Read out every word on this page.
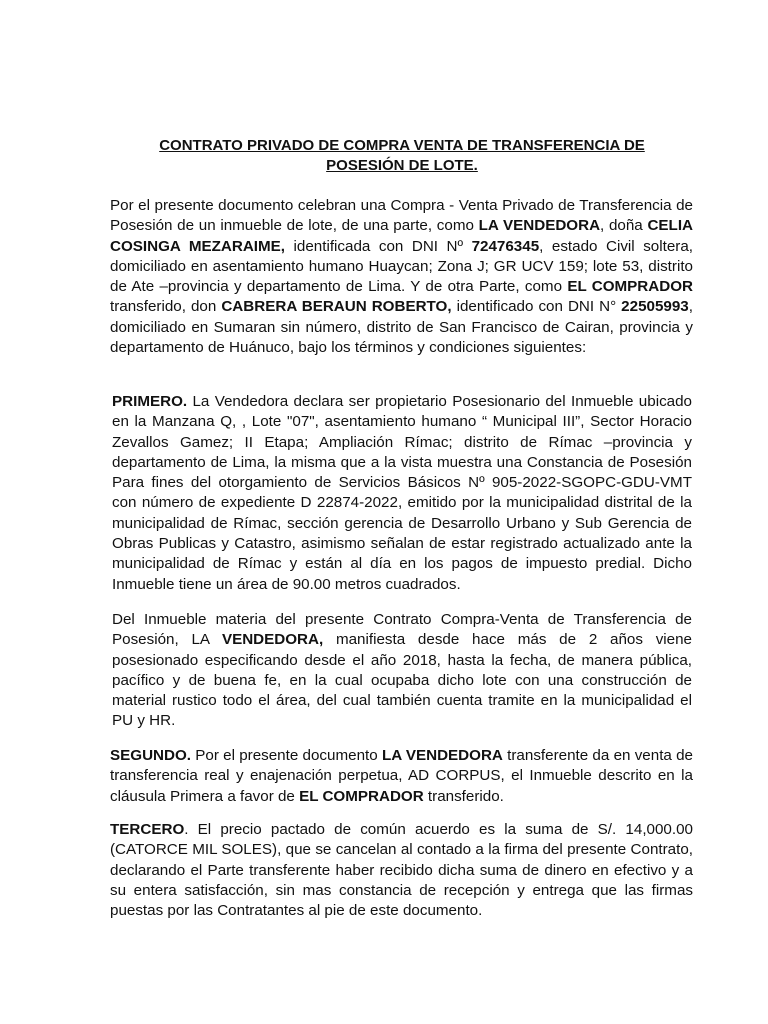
CONTRATO PRIVADO DE COMPRA VENTA DE TRANSFERENCIA DE
POSESIÓN DE LOTE.

Por el presente documento celebran una Compra - Venta Privado de Transferencia de Posesión de un inmueble de lote, de una parte, como LA VENDEDORA, doña CELIA COSINGA MEZARAIME, identificada con DNI Nº 72476345, estado Civil soltera, domiciliado en asentamiento humano Huaycan; Zona J; GR UCV 159; lote 53, distrito de Ate –provincia y departamento de Lima. Y de otra Parte, como EL COMPRADOR transferido, don CABRERA BERAUN ROBERTO, identificado con DNI N° 22505993, domiciliado en Sumaran sin número, distrito de San Francisco de Cairan, provincia y departamento de Huánuco, bajo los términos y condiciones siguientes:

PRIMERO. La Vendedora declara ser propietario Posesionario del Inmueble ubicado en la Manzana Q, , Lote "07", asentamiento humano “ Municipal III”, Sector Horacio Zevallos Gamez; II Etapa; Ampliación Rímac; distrito de Rímac –provincia y departamento de Lima, la misma que a la vista muestra una Constancia de Posesión Para fines del otorgamiento de Servicios Básicos Nº 905-2022-SGOPC-GDU-VMT con número de expediente D 22874-2022, emitido por la municipalidad distrital de la municipalidad de Rímac, sección gerencia de Desarrollo Urbano y Sub Gerencia de Obras Publicas y Catastro, asimismo señalan de estar registrado actualizado ante la municipalidad de Rímac y están al día en los pagos de impuesto predial. Dicho Inmueble tiene un área de 90.00 metros cuadrados.

Del Inmueble materia del presente Contrato Compra-Venta de Transferencia de Posesión, LA VENDEDORA, manifiesta desde hace más de 2 años viene posesionado especificando desde el año 2018, hasta la fecha, de manera pública, pacífico y de buena fe, en la cual ocupaba dicho lote con una construcción de material rustico todo el área, del cual también cuenta tramite en la municipalidad el PU y HR.

SEGUNDO. Por el presente documento LA VENDEDORA transferente da en venta de transferencia real y enajenación perpetua, AD CORPUS, el Inmueble descrito en la cláusula Primera a favor de EL COMPRADOR transferido.

TERCERO. El precio pactado de común acuerdo es la suma de S/. 14,000.00 (CATORCE MIL SOLES), que se cancelan al contado a la firma del presente Contrato, declarando el Parte transferente haber recibido dicha suma de dinero en efectivo y a su entera satisfacción, sin mas constancia de recepción y entrega que las firmas puestas por las Contratantes al pie de este documento.
